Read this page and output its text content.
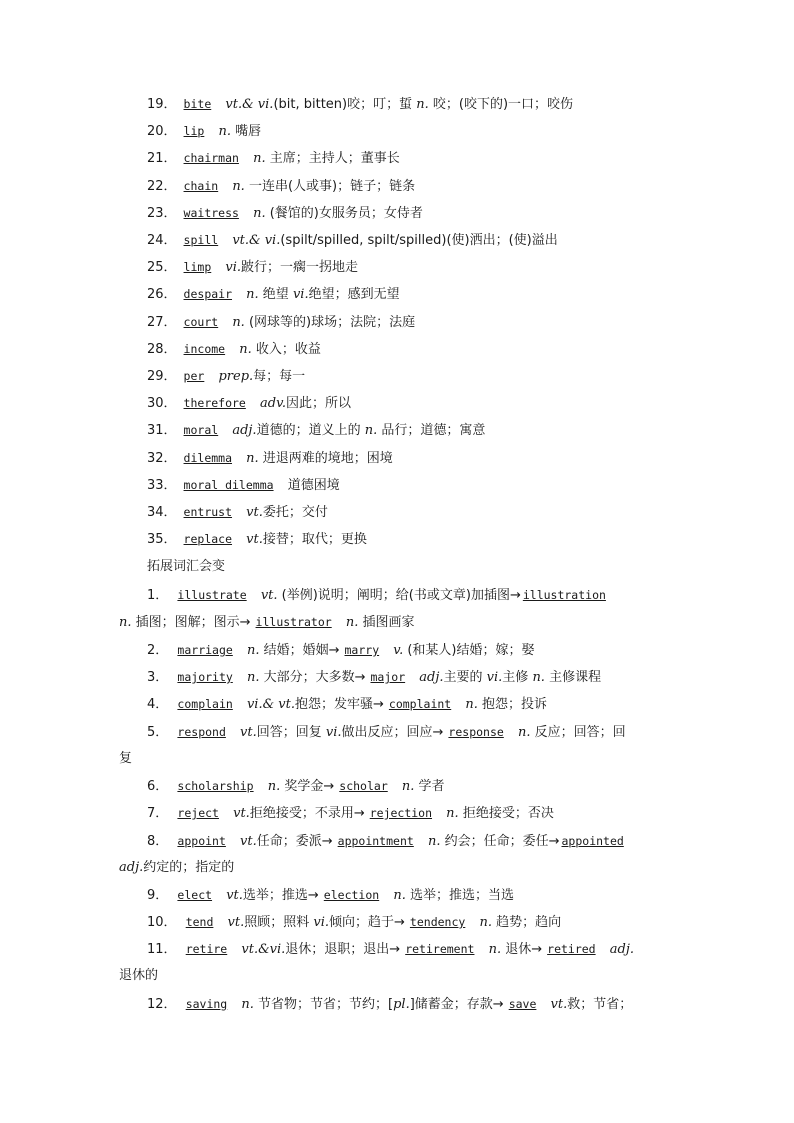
19． bite vt.& vi.(bit, bitten)咬；叮；蜇 n. 咬；(咬下的)一口；咬伤
20． lip n. 嘴唇
21． chairman n. 主席；主持人；董事长
22． chain n. 一连串(人或事)；链子；链条
23． waitress n. (餐馆的)女服务员；女侍者
24． spill vt.& vi.(spilt/spilled, spilt/spilled)(使)洒出；(使)溢出
25． limp vi.跛行；一瘸一拐地走
26． despair n. 绝望 vi.绝望；感到无望
27． court n. (网球等的)球场；法院；法庭
28． income n. 收入；收益
29． per prep.每；每一
30． therefore adv.因此；所以
31． moral adj.道德的；道义上的 n. 品行；道德；寓意
32． dilemma n. 进退两难的境地；困境
33． moral dilemma 道德困境
34． entrust vt.委托；交付
35． replace vt.接替；取代；更换
拓展词汇会变
1． illustrate vt. (举例)说明；阐明；给(书或文章)加插图→ illustration
n. 插图；图解；图示→ illustrator n. 插图画家
2． marriage n. 结婚；婚姻→ marry v. (和某人)结婚；嫁；娶
3． majority n. 大部分；大多数→ major adj.主要的 vi.主修 n. 主修课程
4． complain vi.& vt.抱怨；发牢骚→ complaint n. 抱怨；投诉
5． respond vt.回答；回复 vi.做出反应；回应→ response n. 反应；回答；回
复
6． scholarship n. 奖学金→ scholar n. 学者
7． reject vt.拒绝接受；不录用→ rejection n. 拒绝接受；否决
8． appoint vt.任命；委派→ appointment n. 约会；任命；委任→ appointed
adj.约定的；指定的
9． elect vt.选举；推选→ election n. 选举；推选；当选
10． tend vt.照顾；照料 vi.倾向；趋于→ tendency n. 趋势；趋向
11． retire vt.&vi.退休；退职；退出→ retirement n. 退休→ retired adj.
退休的
12． saving n. 节省物；节省；节约；[pl.]储蓄金；存款→ save vt.救；节省；
